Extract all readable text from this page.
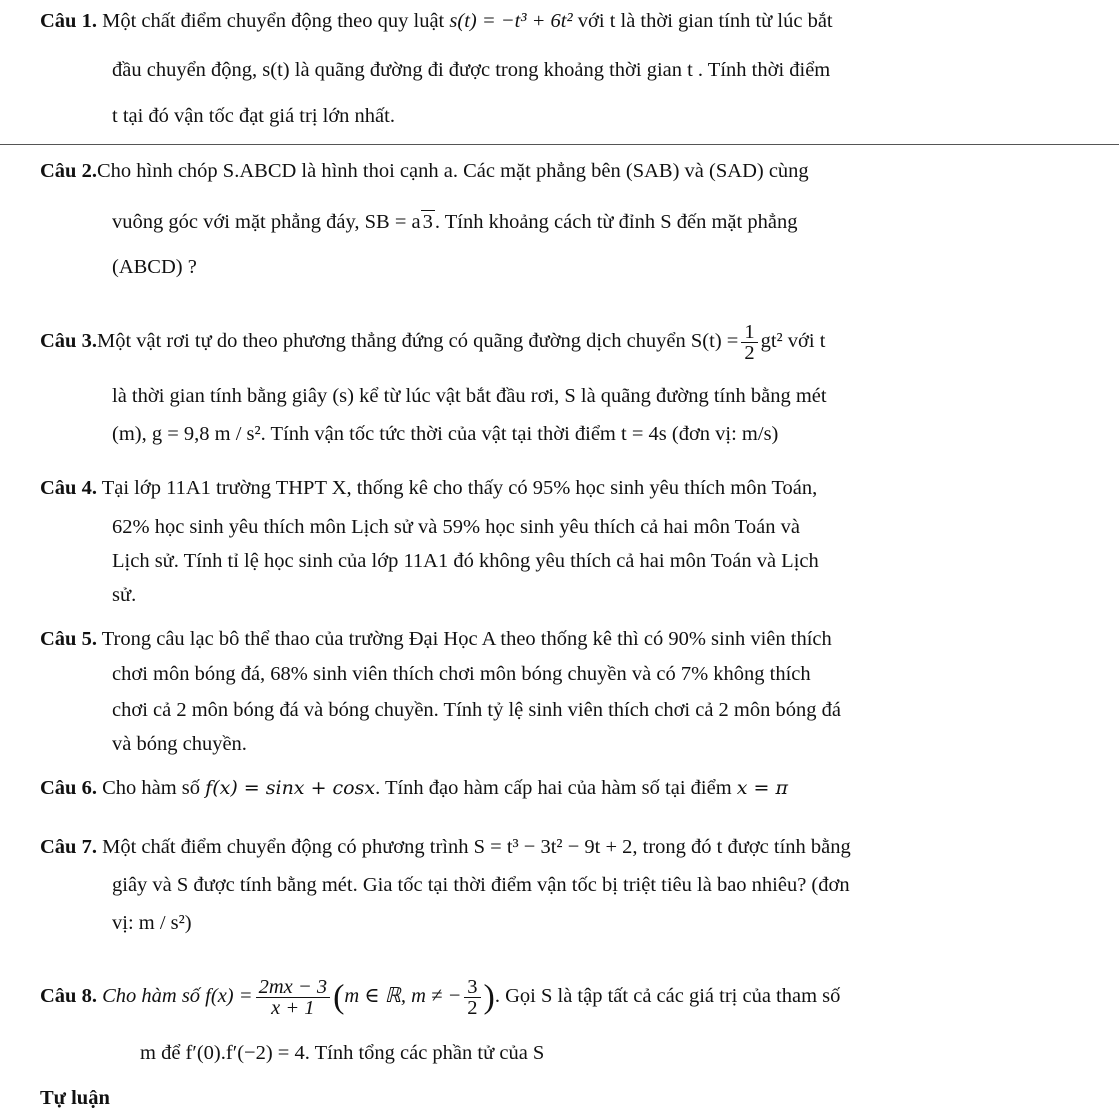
Câu 1. Một chất điểm chuyển động theo quy luật s(t) = −t³ + 6t² với t là thời gian tính từ lúc bắt
đầu chuyển động, s(t) là quãng đường đi được trong khoảng thời gian t . Tính thời điểm
t tại đó vận tốc đạt giá trị lớn nhất.
Câu 2.Cho hình chóp S.ABCD là hình thoi cạnh a. Các mặt phẳng bên (SAB) và (SAD) cùng
vuông góc với mặt phẳng đáy, SB = a3. Tính khoảng cách từ đỉnh S đến mặt phẳng
(ABCD) ?
Câu 3.Một vật rơi tự do theo phương thẳng đứng có quãng đường dịch chuyển $S(t) = \frac{1}{2} gt^2$ với t
là thời gian tính bằng giây (s) kể từ lúc vật bắt đầu rơi, S là quãng đường tính bằng mét
(m), g = 9,8 m / s². Tính vận tốc tức thời của vật tại thời điểm t = 4s (đơn vị: m/s)
Câu 4. Tại lớp 11A1 trường THPT X, thống kê cho thấy có 95% học sinh yêu thích môn Toán,
62% học sinh yêu thích môn Lịch sử và 59% học sinh yêu thích cả hai môn Toán và
Lịch sử. Tính tỉ lệ học sinh của lớp 11A1 đó không yêu thích cả hai môn Toán và Lịch
sử.
Câu 5. Trong câu lạc bô thể thao của trường Đại Học A theo thống kê thì có 90% sinh viên thích
chơi môn bóng đá, 68% sinh viên thích chơi môn bóng chuyền và có 7% không thích
chơi cả 2 môn bóng đá và bóng chuyền. Tính tỷ lệ sinh viên thích chơi cả 2 môn bóng đá
và bóng chuyền.
Câu 6. Cho hàm số f(x) = sinx + cosx. Tính đạo hàm cấp hai của hàm số tại điểm x = π
Câu 7. Một chất điểm chuyển động có phương trình S = t³ − 3t² − 9t + 2, trong đó t được tính bằng
giây và S được tính bằng mét. Gia tốc tại thời điểm vận tốc bị triệt tiêu là bao nhiêu? (đơn
vị: m / s²)
Câu 8. Cho hàm số $f(x) = \frac{2mx - 3}{x + 1} (m$ ∈ ℝ, m ≠ − $\frac{3}{2}$ ). Gọi S là tập tất cả các giá trị của tham số
m để f′(0).f′(−2) = 4. Tính tổng các phần tử của S
Tự luận
